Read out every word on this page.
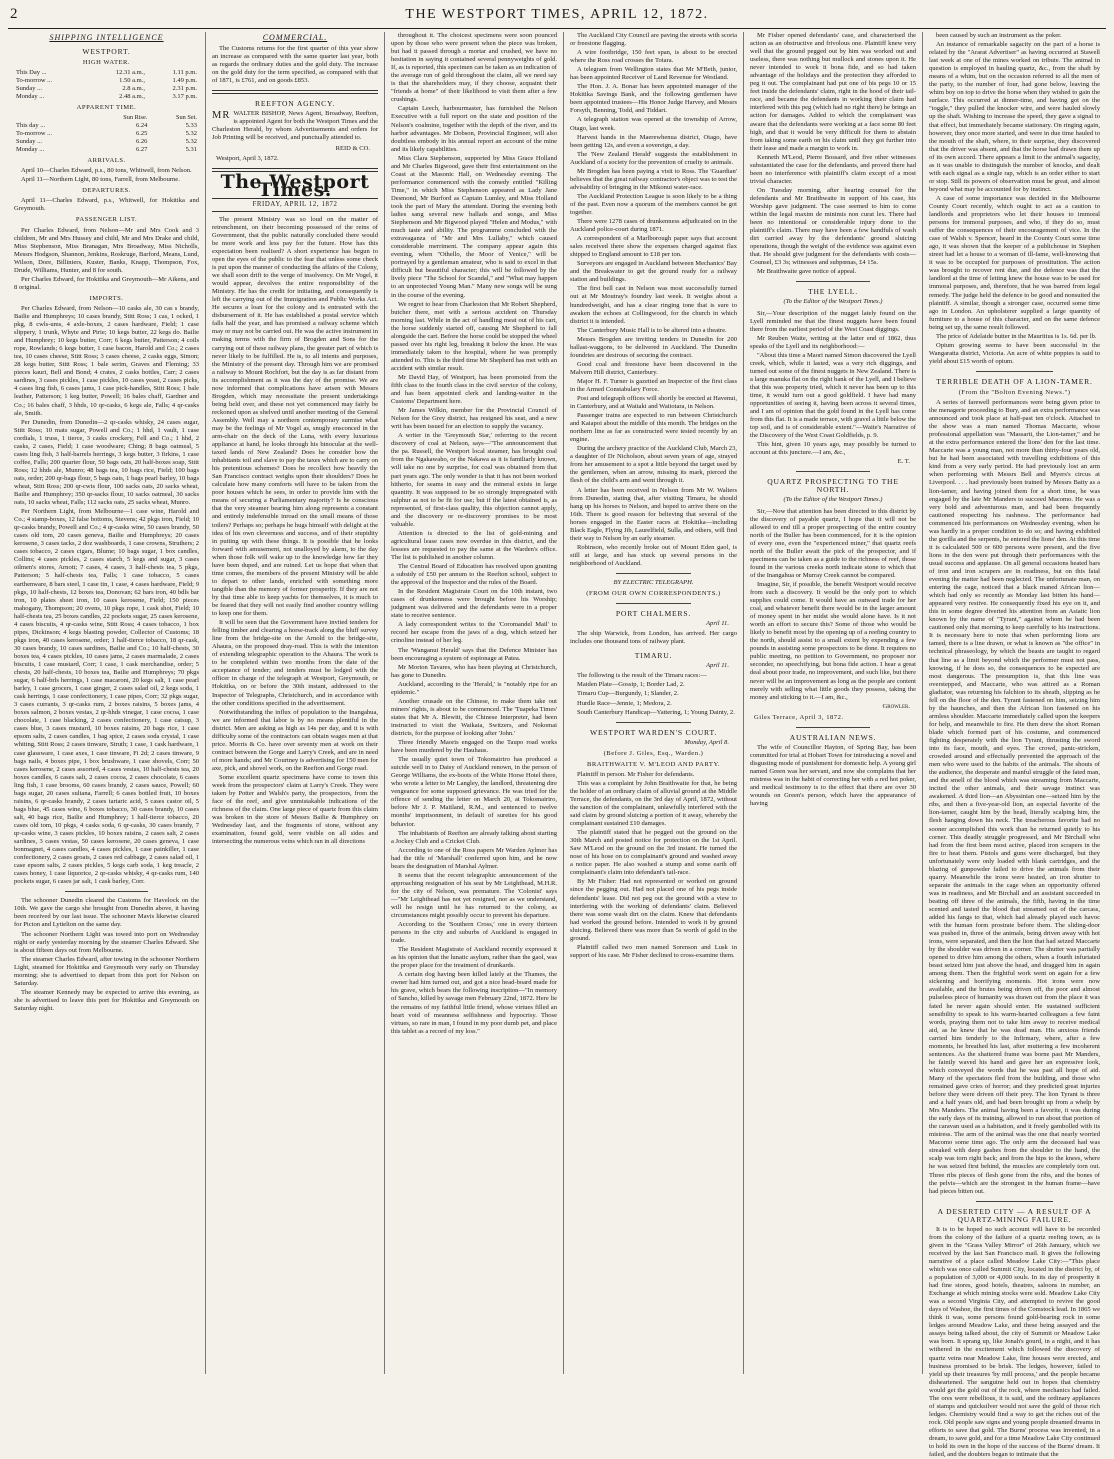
2	THE WESTPORT TIMES, APRIL 12, 1872.
SHIPPING INTELLIGENCE
WESTPORT.
HIGH WATER.
This Day ...	12.31 a.m.,	1.11 p.m.
To-morrow ...	1.50 a.m.,	1.49 p.m.
Sunday ...	2.8 a.m.,	2.31 p.m.
Monday ...	2.48 a.m.,	3.17 p.m.
APPARENT TIME.
	Sun Rise.	Sun Set.
This day ...	6.24	5.33
To-morrow ...	6.25	5.32
Sunday ...	6.26	5.32
Monday ...	6.27	5.31
ARRIVALS.

April 10—Charles Edward, p.s., 80 tons, Whitwell, from Nelson.

April 11—Northern Light, 80 tons, Farrell, from Melbourne.

DEPARTURES.

April 11—Charles Edward, p.s., Whitwell, for Hokitika and Greymouth.

PASSENGER LIST.

Per Charles Edward, from Nelson—Mr and Mrs Cook and 3 children, Mr and Mrs Hussey and child, Mr and Mrs Drake and child, Miss Stephenson, Miss Branagan, Mrs Broadway, Miss Nicholls, Messrs Hodgson, Shannon, Jenkins, Roskruge, Barford, Means, Lund, Wilson, Dore, Billiniers, Kuster, Banks, Knapp, Thompson, Fox, Drude, Williams, Hunter, and 8 for south.

Per Charles Edward, for Hokitika and Greymouth—Mr Aikens, and 8 original.

IMPORTS.

Per Charles Edward, from Nelson—10 casks ale, 30 cas s brandy, Bailie and Humphreys; 10 cases brandy, Stitt Ross; 1 cas, 1 ocked, 1 pkg, 8 cwls-ums, 4 axle-boxes, 2 cases hardware, Field; 1 case slippery, 1 trunk, Whyte and Pirie; 10 kegs butter, 22 kegs do. Bailie and Humphrey; 10 kegs butter, Corr; 6 kegs butter, Patterson; 4 coils rope, Rowlands; 6 kegs butter, 1 case bacon, Harold and Co.; 2 cases tea, 10 cases cheese, Stitt Ross; 3 cases cheese, 2 casks eggs, Simon; 28 kegs butter, Stitt Ross; 1 bale serim, Graves and Fleming; 33 pieces kauri, Bell and Bond; 4 crates, 2 casks bottles, Carr; 2 cases sardines, 3 cases pickles, 1 case pickles, 10 cases yeast, 2 cases picks, 4 cases ling fish, 6 cases jams, 1 case pick-handles, Stitt Ross; 1 bale leather, Patterson; 1 keg butter, Powell; 16 bales chaff, Gardner and Co.; 16 bales chaff, 3 hhds, 10 qr-casks, 6 kegs ale, Falls; 4 qr-casks ale, Smith.

Per Dunedin, from Dunedin—2 qr-casks whisky, 24 cases sugar, Stitt Ross; 10 mats sugar, Powell and Co.; 1 hhd, 1 vault, 1 case cordials, 1 truss, 1 tierce, 3 casks crockery, Fell and Co.; 1 hhd, 2 casks, 2 cases, Field; 1 case woodware; Ching; 8 bags oatmeal, 5 cases ling fish, 3 half-barrels herrings, 3 kegs butter, 3 firkins, 1 case coffee, Falls; 200 quarter flour, 50 bags oats, 20 half-boxes soap, Stitt Ross; 12 hhds ale, Munro; 48 bags tea, 10 bags rice, Field; 100 bags oats, order; 200 qr-bags flour, 5 bags oats, 1 bags pearl barley, 10 bags wheat, Stitt Ross; 200 qr-cwts flour, 100 sacks oats, 20 sacks wheat, Bailie and Humphrey; 350 qr-sacks flour, 10 sacks oatmeal, 30 sacks oats, 10 sacks wheat, Falls; 112 sacks oats, 25 sacks wheat, Munro.

Per Northern Light, from Melbourne—1 case wine, Harold and Co.; 4 stamp-boxes, 12 false bottoms, Stevens; 42 pkgs iron, Field; 10 qr-casks brandy, Powell and Co.; 4 qr-casks wine, 50 cases brandy, 50 cases old tom, 20 cases geneva, Bailie and Humphreys; 20 cases kerosene, 3 cases tacks, 2 doz washboards, 1 case crowns, Struthers; 2 cases tobacco, 2 cases cigars, Blume; 10 bags sugar, 1 box candles, Collins; 4 cases pickles, 2 cases starch, 5 kegs and sugar, 3 cases oilmen's stores, Arnott; 7 cases, 4 cases, 3 half-chests tea, 5 pkgs, Patterson; 5 half-chests tea, Falls; 1 case tobacco, 5 cases earthenware, 8 bars steel, 1 case tin, 1 case, 4 cases hardware, Field; 9 pkgs, 10 half-chests, 12 boxes tea, Donovan; 62 bars iron, 40 bdls bar iron, 10 plates sheet iron, 10 cases kerosene, Field; 150 pieces mahogany, Thompson; 20 ovens, 10 pkgs rope, 1 cask shot, Field; 10 half-chests tea, 25 boxes candles, 22 pockets sugar, 25 cases kerosene, 4 cases biscuits, 4 qr-casks wine, Stitt Ross; 4 cases tobacco, 1 box pipes, Dickinson; 4 kegs blasting powder, Collector of Customs; 18 pkgs iron, 40 cases kerosene, order; 1 half-tierce tobacco, 18 qr-cask, 30 cases brandy, 10 cases sardines, Bailie and Co.; 10 half-chests, 30 boxes tea, 4 cases pickles, 10 cases jams, 2 cases marmalade, 2 cases biscuits, 1 case mustard, Corr; 1 case, 1 cask merchandise, order; 5 chests, 20 half-chests, 10 boxes tea, Bailie and Humphreys; 70 pkgs sugar, 6 half-brls herrings, 1 case macaroni, 20 kegs salt, 1 case pearl barley, 1 case grocers, 1 case ginger, 2 cases salad oil, 2 kegs soda, 1 cask herrings, 1 case confectionery, 1 case pipes, Corr; 32 pkgs sugar, 3 cases currants, 3 qr-casks rum, 2 boxes raisins, 5 boxes jams, 4 boxes salmon, 2 boxes vestas, 2 qr-hhds vinegar, 1 case cocoa, 1 case chocolate, 1 case blacking, 2 cases confectionery, 1 case catsup, 3 cases blue, 3 cases mustard, 10 boxes raisins, 20 bags rice, 1 case epsom salts, 2 cases candles, 1 bag spice, 2 cases soda crystal, 1 case whiting, Stitt Ross; 2 cases tinware, Struth; 1 case, 1 cask hardware, 1 case glassware, 1 case axes, 1 case tinware, Fi 2d; 2 cases tinware, 9 bags nails, 4 boxes pipe, 1 box brushware, 1 case shovels, Corr; 50 cases kerosene, 2 cases assorted, 4 cases vestas, 10 half-chests tea, 20 boxes candles, 6 cases salt, 2 cases cocoa, 2 cases chocolate, 6 cases ling fish, 1 case brooms, 60 cases brandy, 2 cases sauce, Powell; 60 bags sugar, 20 cases sultana, Farrell; 6 cases bottled fruit, 10 boxes raisins, 6 qr-casks brandy, 2 cases tartaric acid, 5 cases castor oil, 5 bags blue, 45 cases wine, 6 boxes tobacco, 30 cases brandy, 10 cases salt, 40 bags rice, Bailie and Humphrey; 1 half-tierce tobacco, 20 cases old tom, 10 pkgs, 4 casks soda, 6 qr-casks, 30 cases brandy, 7 qr-casks wine, 3 cases pickles, 10 boxes raisins, 2 cases salt, 2 cases sardines, 3 cases vestas, 50 cases kerosene, 20 cases geneva, 1 case bonmagnet, 4 cases candles, 4 cases pickles, 1 case painkiller, 1 case confectionery, 2 cases groats, 2 cases red cabbage, 2 cases salad oil, 1 case epsom salts, 2 cases pickles, 5 kegs carb soda, 1 keg treacle, 2 cases honey, 1 case liquorice, 2 qr-casks whisky, 4 qr-casks rum, 140 pockets sugar, 6 cases jar salt, 1 cask barley, Corr.

The schooner Dunedin cleared the Customs for Havelock on the 10th. We gave the cargo she brought from Dunedin above, it having been received by our last issue. The schooner Mavis likewise cleared for Picton and Lyttelton on the same day.

The schooner Northern Light was towed into port on Wednesday night or early yesterday morning by the steamer Charles Edward. She is about fifteen days out from Melbourne.

The steamer Charles Edward, after towing in the schooner Northern Light, steamed for Hokitika and Greymouth very early on Thursday morning; she is advertised to depart from this port for Nelson on Saturday.

The steamer Kennedy may be expected to arrive this evening, as she is advertised to leave this port for Hokitika and Greymouth on Saturday night.

COMMERCIAL.

The Customs returns for the first quarter of this year show an increase as compared with the same quarter last year, both as regards the ordinary duties and the gold duty. The increase on the gold duty for the term specified, as compared with that of 1871, is £761, and on goods £853.

REEFTON AGENCY.
MR WALTER BISHOP, News Agent, Broadway, Reefton, is appointed Agent for both the Westport Times and the Charleston Herald, by whom Advertisements and orders for Job Printing will be received, and punctually attended to.
REID & CO.
Westport, April 3, 1872.
The Westport Times.
FRIDAY, APRIL 12, 1872

The present Ministry was so loud on the matter of retrenchment, on their becoming possessed of the reins of Government, that the public naturally concluded there would be more work and less pay for the future. How has this expectation been realised? A short experience has begun to open the eyes of the public to the fear that unless some check is put upon the manner of conducting the affairs of the Colony, we shall soon drift to the verge of insolvency. On Mr Vogel, it would appear, devolves the entire responsibility of the Ministry. He has the credit for initiating, and consequently is left the carrying out of the Immigration and Public Works Act. He secures a loan for the colony and is entrusted with the disbursement of it. He has established a postal service which falls half the year, and has promised a railway scheme which may or may not be carried out. He was the active instrument in making terms with the firm of Brogden and Sons for the carrying out of these railway plans, the greater part of which is never likely to be fulfilled. He is, to all intents and purposes, the Ministry of the present day. Through him we are promised a railway to Mount Rochfort, but the day is as far distant from its accomplishment as it was the day of the promise. We are now informed that complications have arisen with Messrs Brogden, which may necessitate the present undertakings being held over, and these not yet commenced may fairly be reckoned upon as shelved until another meeting of the General Assembly. Well may a northern contemporary surmise what may be the feelings of Mr Vogel as, snugly ensconced in the arm-chair on the deck of the Luna, with every luxurious appliance at hand, he looks through his binocular at the well-taxed lands of New Zealand? Does he consider how the inhabitants toil and slave to pay the taxes which are to carry on his pretentious schemes? Does he recollect how heavily the San Francisco contract weighs upon their shoulders? Does he calculate how many comforts will have to be taken from the poor houses which he sees, in order to provide him with the means of securing a Parliamentary majority? Is he conscious that the very steamer bearing him along represents a constant and entirely indefensible inroad on the small means of those toilers? Perhaps so; perhaps he hugs himself with delight at the idea of his own cleverness and success, and of their stupidity in putting up with these things. It is possible that he looks forward with amusement, not unalloyed by alarm, to the day when those folk will wake up to the knowledge how far they have been duped, and are ruined. Let us hope that when that time comes, the members of the present Ministry will be able to depart to other lands, enriched with something more tangible than the memory of former prosperity. If they are not by that time able to keep yachts for themselves, it is much to be feared that they will not easily find another country willing to keep one for them.

It will be seen that the Government have invited tenders for felling timber and clearing a horse-track along the bluff survey line from the bridge-site on the Arnold to the bridge-site, Ahaura, on the proposed dray-road. This is with the intention of extending telegraphic operation to the Ahaura. The work is to be completed within two months from the date of the acceptance of tender; and tenders must be lodged with the officer in charge of the telegraph at Westport, Greymouth, or Hokitika, on or before the 30th instant, addressed to the Inspector of Telegraphs, Christchurch, and in accordance with the other conditions specified in the advertisement.

Notwithstanding the influx of population to the Inangahua, we are informed that labor is by no means plentiful in the district. Men are asking as high as 14s per day, and it is with difficulty some of the contractors can obtain wages men at that price. Morris & Co. have over seventy men at work on their contract between the Gorge and Larry's Creek, and are in need of more hands; and Mr Courtney is advertising for 150 men for axe, pick, and shovel work, on the Reefton and Gorge road.

Some excellent quartz specimens have come to town this week from the prospectors' claim at Larry's Creek. They were taken by Potter and Walsh's party, the prospectors, from the face of the reef, and give unmistakable indications of the richness of the claim. One large piece of quartz from this claim was broken in the store of Messrs Bailie & Humphrey on Wednesday last, and the fragments of stone, without any examination, found gold, were visible on all sides and intersecting the numerous veins which ran in all directions

throughout it. The choicest specimens were soon pounced upon by those who were present when the piece was broken, but had it passed through a mortar and crushed, we have no hesitation in saying it contained several pennyweights of gold. If, as is reported, this specimen can be taken as an indication of the average run of gold throughout the claim, all we need say is that the shareholders may, if they choose, acquaint their "friends at home" of their likelihood to visit them after a few crushings.

Captain Leech, harbourmaster, has furnished the Nelson Executive with a full report on the state and position of the Nelson's coalmine, together with the depth of the river, and its harbor advantages. Mr Dobson, Provincial Engineer, will also doubtless embody in his annual report an account of the mine and its likely capabilities.

Miss Clara Stephenson, supported by Miss Grace Holland and Mr Charles Bigwood, gave their first entertainment on the Coast at the Masonic Hall, on Wednesday evening. The performance commenced with the comedy entitled "Killing Time," in which Miss Stephenson appeared as Lady Jane Desmond, Mr Burford as Captain Lumley, and Miss Holland took the part of Mary the attendant. During the evening both ladies sang several new ballads and songs, and Miss Stephenson and Mr Bigwood played "Helen and Modus," with much taste and ability. The programme concluded with the extravaganza of "Mr and Mrs Lullaby," which caused considerable merriment. The company appear again this evening, when "Othello, the Moor of Venice," will be portrayed by a gentleman amateur, who is said to excel in that difficult but beautiful character; this will be followed by the lively piece "The School for Scandal," and "What may happen to an unprotected Young Man." Many new songs will be sung in the course of the evening.

We regret to hear from Charleston that Mr Robert Shepherd, butcher there, met with a serious accident on Thursday morning last. While in the act of handling meat out of his cart, the horse suddenly started off, causing Mr Shepherd to fall alongside the cart. Before the horse could be stopped the wheel passed over his right leg, breaking it below the knee. He was immediately taken to the hospital, where he was promptly attended to. This is the third time Mr Shepherd has met with an accident with similar result.

Mr David Hay, of Westport, has been promoted from the fifth class to the fourth class in the civil service of the colony, and has been appointed clerk and landing-waiter in the Customs' Department here.

Mr James Wilkin, member for the Provincial Council of Nelson for the Grey district, has resigned his seat, and a new writ has been issued for an election to supply the vacancy.

A writer in the 'Greymouth Star,' referring to the recent discovery of coal at Nelson, says—"The announcement that the pa. Russell, the Westport local steamer, has brought coal from the Ngakawaho, or the Nakawa as it is familiarly known, will take no one by surprise, for coal was obtained from that part years ago. The only wonder is that it has not been worked hitherto, for seams in easy and the mineral exists in large quantity. It was supposed to be so strongly impregnated with sulphur as not to be fit for use; but if the latest obtained is, as represented, of first-class quality, this objection cannot apply, and the discovery or re-discovery promises to be most valuable.

Attention is directed to the list of gold-mining and agricultural lease cases now overdue in this district, and the lessees are requested to pay the same at the Warden's office. The list is published in another column.

The Central Board of Education has resolved upon granting a subsidy of £50 per annum to the Reefton school, subject to the approval of the Inspector and the rules of the Board.

In the Resident Magistrate Court on the 10th instant, two cases of drunkenness were brought before his Worship; judgment was delivered and the defendants were in a proper state to receive sentence.

A lady correspondent writes to the 'Coromandel Mail' to record her escape from the jaws of a dog, which seized her crinoline instead of her leg.

The 'Wanganui Herald' says that the Defence Minister has been encouraging a system of espionage at Patea.

Mr Morton Tavares, who has been playing at Christchurch, has gone to Dunedin.

Auckland, according to the 'Herald,' is "notably ripe for an epidemic."

Another crusade on the Chinese, to make them take out miners' rights, is about to be commenced. The 'Tuapeka Times' states that Mr A. Blewitt, the Chinese Interpreter, had been instructed to visit the Waikaia, Switzers, and Nokomai districts, for the purpose of looking after 'John.'

Three friendly Maoris engaged on the Taupo road works have been murdered by the Hauhaus.

The usually quiet town of Tokomairiro has produced a suicide well in to Daisy of Auckland renown, in the person of George Williams, the ex-boots of the White Horse Hotel there, who wrote a letter to Mr Langley, the landlord, threatening dire vengeance for some supposed grievance. He was tried for the offence of sending the letter on March 20, at Tokomairiro, before Mr J. P. Maitland, R.M., and sentenced to twelve months' imprisonment, in default of sureties for his good behavior.

The inhabitants of Reefton are already talking about starting a Jockey Club and a Cricket Club.

According to one of the Ross papers Mr Warden Aylmer has had the title of 'Marshall' conferred upon him, and he now bears the designation of Marshal Aylmer.

It seems that the recent telegraphic announcement of the approaching resignation of his seat by Mr Leighthead, M.H.R. for the city of Nelson, was premature. The 'Colonist' says—"Mr Leighthead has not yet resigned, nor as we understand, will he resign until he has returned to the colony, as circumstances might possibly occur to prevent his departure.

According to the 'Southern Cross,' one in every thirteen persons in the city and suburbs of Auckland is engaged in trade.

The Resident Magistrate of Auckland recently expressed it as his opinion that the lunatic asylum, rather than the gaol, was the proper place for the treatment of drunkards.

A certain dog having been killed lately at the Thames, the owner had him turned out, and got a nice head-board made for his grave, which bears the following inscription—"In memory of Sancho, killed by savage men February 22nd, 1872. Here lie the remains of my faithful little friend, whose virtues filled an heart void of meanness selfishness and hypocrisy. Those virtues, so rare in man, I found in my poor dumb pet, and place this tablet as a record of my loss."

The Auckland City Council are paving the streets with scoria or freestone flagging.

A wire footbridge, 150 feet span, is about to be erected where the Ross road crosses the Totara.

A telegram from Wellington states that Mr M'Beth, junior, has been appointed Receiver of Land Revenue for Westland.

The Hon. J. A. Bonar has been appointed manager of the Hokitika Savings Bank, and the following gentlemen have been appointed trustees—His Honor Judge Harvey, and Messrs Forsyth, Benning, Todd, and Tiddart.

A telegraph station was opened at the township of Arrow, Otago, last week.

Harvest hands in the Maerewhenua district, Otago, have been getting 12s, and even a sovereign, a day.

The 'New Zealand Herald' suggests the establishment in Auckland of a society for the prevention of cruelty to animals.

Mr Brogden has been paying a visit to Ross. The 'Guardian' believes that the great railway contractor's object was to test the advisability of bringing in the Mikonui water-race.

The Auckland Protection League is soon likely to be a thing of the past. Even now a quorum of the members cannot be got together.

There were 1278 cases of drunkenness adjudicated on in the Auckland police-court during 1871.

A correspondent of a Marlborough paper says that account sales received there show the expenses charged against flax shipped to England amount to £18 per ton.

Surveyors are engaged in Auckland between Mechanics' Bay and the Breakwater to get the ground ready for a railway station and buildings.

The first bell cast in Nelson was most successfully turned out at Mr Moutray's foundry last week. It weighs about a hundredweight, and has a clear ringing tone that is sure to awaken the echoes at Collingwood, for the church in which district it is intended.

The Canterbury Music Hall is to be altered into a theatre.

Messrs Brogden are inviting tenders in Dunedin for 200 ballast-waggons, to be delivered in Auckland. The Dunedin foundries are desirous of securing the contract.

Good coal and freestone have been discovered in the Malvern Hill district, Canterbury.

Major H. F. Turner is gazetted an Inspector of the first class in the Armed Constabulary Force.

Post and telegraph offices will shortly be erected at Havenui, in Canterbury, and at Waitaki and Waitotara, in Nelson.

Passenger trains are expected to run between Christchurch and Kaiapoi about the middle of this month. The bridges on the northern line as far as constructed were tested recently by an engine.

During the archery practice of the Auckland Club, March 23, a daughter of Dr Nicholson, about seven years of age, strayed from her amusement to a spot a little beyond the target used by the gentlemen, when an arrow, missing its mark, pierced the flesh of the child's arm and went through it.

A letter has been received in Nelson from Mr W. Walters from Dunedin, stating that, after visiting Timaru, he should hang up his horses to Nelson, and hoped to arrive there on the 16th. There is good reason for believing that several of the horses engaged in the Easter races at Hokitika—including Black Eagle, Flying Jib, Laurelfield, Sulla, and others, will find their way to Nelson by an early steamer.

Robinson, who recently broke out of Mount Eden gaol, is still at large, and has stuck up several persons in the neighborhood of Auckland.

BY ELECTRIC TELEGRAPH.
(FROM OUR OWN CORRESPONDENTS.)
PORT CHALMERS.
April 11.

The ship Warwick, from London, has arrived. Her cargo includes one thousand tons of railway plant.

TIMARU.
April 11.

The following is the result of the Timaru races:—

Maiden Plate—Gossip, 1; Border Lad, 2.

Timaru Cup—Burgundy, 1; Slander, 2.

Hurdle Race—Jennie, 1; Medora, 2.

South Canterbury Handicap—Yattering, 1; Young Dainty, 2.

WESTPORT WARDEN'S COURT.
Monday, April 8.
(Before J. Giles, Esq., Warden.)
BRAITHWAITE V. M'LEOD AND PARTY.

Plaintiff in person. Mr Fisher for defendants.

This was a complaint by John Braithwaite for that, he being the holder of an ordinary claim of alluvial ground at the Middle Terrace, the defendants, on the 3rd day of April, 1872, without the sanction of the complainant, unlawfully interfered with the said claim by ground sluicing a portion of it away, whereby the complainant sustained £10 damages.

The plaintiff stated that he pegged out the ground on the 30th March and posted notice for protection on the 1st April. Saw M'Leod on the ground on the 3rd instant. He turned the nose of his hose on to complainant's ground and washed away a notice paper. He also washed a stump and some earth off complainant's claim into defendant's tail-race.

By Mr Fisher: Had not represented or worked on ground since the pegging out. Had not placed one of his pegs inside defendants' lease. Did not peg out the ground with a view to interfering with the working of defendants' claim. Believed there was some wash dirt on the claim. Knew that defendants had worked the ground before. Intended to work it by ground sluicing. Believed there was more than 5s worth of gold in the ground.

Plaintiff called two men named Sorenson and Lusk in support of his case. Mr Fisher declined to cross-examine them.

Mr Fisher opened defendants' case, and characterised the action as an obstructive and frivolous one. Plaintiff knew very well that the ground pegged out by him was worked out and useless, there was nothing but mullock and stones upon it. He never intended to work it bona fide, and so had taken advantage of the holidays and the protection they afforded to peg it out. The complainant had put one of his pegs 10 or 15 feet inside the defendants' claim, right in the hood of their tail-race, and became the defendants in working their claim had interfered with this peg (which had no right there) he brings an action for damages. Added to which the complainant was aware that the defendants were working at a face some 80 feet high, and that it would be very difficult for them to abstain from taking some earth on his claim until they got further into their lease and made a margin to work in.

Kenneth M'Leod, Pierre Bossard, and five other witnesses substantiated the case for the defendants, and proved there had been no interference with plaintiff's claim except of a most trivial character.

On Tuesday morning, after hearing counsel for the defendants and Mr Braithwaite in support of his case, his Worship gave judgment. The case seemed to him to come within the legal maxim de minimis non curat lex. There had been no intentional or considerable injury done to the plaintiff's claim. There may have been a few handfuls of wash dirt carried away by the defendants' ground sluicing operations, though the weight of the evidence was against even that. He should give judgment for the defendants with costs—Counsel, £3 3s; witnesses and subpœnas, £4 15s.

Mr Braithwaite gave notice of appeal.

THE LYELL.
(To the Editor of the Westport Times.)

Sir,—Your description of the nugget lately found on the Lyell reminded me that the finest nuggets have been found there from the earliest period of the West Coast diggings.

Mr Reuben Waite, writing at the latter end of 1862, thus speaks of the Lyell and its neighborhood:—

"About this time a Maori named Simon discovered the Lyell creek, which, while it lasted, was a very rich diggings, and turned out some of the finest nuggets in New Zealand. There is a large manuka flat on the right bank of the Lyell, and I believe that this was property tried, which it never has been up to this time, it would turn out a good goldfield. I have had many opportunities of seeing it, having been across it several times, and I am of opinion that the gold found in the Lyell has come from this flat. It is a made terrace, with gravel a little below the top soil, and is of considerable extent."—Waite's Narrative of the Discovery of the West Coast Goldfields, p. 9.

This hint, given 10 years ago, may possibly be turned to account at this juncture.—I am, &c.,

E. T.
QUARTZ PROSPECTING TO THE NORTH.
(To the Editor of the Westport Times.)

Sir,—Now that attention has been directed to this district by the discovery of payable quartz, I hope that it will not be allowed to end till a proper prospecting of the entire country north of the Buller has been commenced, for it is the opinion of every one, even the "experienced miner," that quartz reefs north of the Buller await the pick of the prospector, and if specimens can be taken as a guide to the richness of reef, those found in the various creeks north indicate stone to which that of the Inangahua or Murray Creek cannot be compared.

Imagine, Sir, if possible, the benefit Westport would receive from such a discovery. It would be the only port to which supplies could come. It would have an outward trade for her coal, and whatever benefit there would be in the larger amount of money spent in her midst she would alone have. Is it not worth an effort to secure this? Some of those who would be likely to benefit most by the opening up of a reefing country to the north, should assist to a small extent by expending a few pounds in assisting some prospectors to be done. It requires no public meeting, no petition to Government, no proposer nor seconder, no speechifying, but bona fide action. I hear a great deal about poor trade, no improvement, and such like, but there never will be an improvement as long as the people are content merely with selling what little goods they possess, taking the money and sticking to it.—I am, &c.,

Growler.
Giles Terrace, April 3, 1872.
AUSTRALIAN NEWS.

The wife of Councillor Hayton, of Spring Bay, has been committed for trial at Hobart Town for introducing a novel and disgusting mode of punishment for domestic help. A young girl named Green was her servant, and now she complains that her mistress was in the habit of correcting her with a red hot poker, and medical testimony is to the effect that there are over 30 wounds on Green's person, which have the appearance of having

been caused by such an instrument as the poker.

An instance of remarkable sagacity on the part of a horse is related by the "Ararat Advertiser" as having occurred at Stawell last week at one of the mines worked on tribute. The animal in question is employed in hauling quartz, &c., from the shaft by means of a whim, but on the occasion referred to all the men of the party, to the number of four, had gone below, leaving the whim boy on top to drive the horse when they wished to gain the surface. This occurred at dinner-time, and having got on the "toggle," they pulled the knocker wire, and were hauled slowly up the shaft. Wishing to increase the speed, they gave a signal to that effect, but immediately became stationary. On ringing again, however, they once more started, and were in due time hauled to the mouth of the shaft, where, to their surprise, they discovered that the driver was absent, and that the horse had drawn them up of its own accord. There appears a limit to the animal's sagacity, as it was unable to distinguish the number of knocks, and dealt with each signal as a single rap, which is an order either to start or stop. Still its powers of observation must be great, and almost beyond what may be accounted for by instinct.

A case of some importance was decided in the Melbourne County Court recently, which ought to act as a caution to landlords and proprietors who let their houses to immoral persons for immoral purposes, and who, if they do so, must suffer the consequences of their encouragement of vice. In the case of Walsh v. Spencer, heard in the County Court some time ago, it was shown that the keeper of a publichouse in Stephen street had let a house to a woman of ill-fame, well-knowing that it was to be occupied for purposes of prostitution. The action was brought to recover rent due, and the defence was that the landlord at the time of letting knew the house was to be used for immoral purposes, and, therefore, that he was barred from legal remedy. The judge held the defence to be good and nonsuited the plaintiff. A similar, though a stronger case, occurred some time ago in London. An upholsterer supplied a large quantity of furniture to a house of this character, and on the same defence being set up, the same result followed.

The price of Adelaide butter in the Mauritius is 1s. 6d. per lb.

Opium growing seems to have been successful in the Wangaratta district, Victoria. An acre of white poppies is said to yield about £15 worth of opium.

TERRIBLE DEATH OF A LION-TAMER.
(From the "Bolton Evening News.")

A series of farewell performances were being given prior to the menagerie proceeding to Bury, and an extra performance was announced and took place at half-past ten o'clock. Attached to the show was a man named Thomas Maccarte, whose professional appellation was "Massarti, the Lion-tamer," and he at the extra performance entered the lions' den for the last time. Maccarte was a young man, not more than thirty-four years old, but he had been associated with travelling exhibitions of this kind from a very early period. He had previously lost an arm when performing with Messrs Bell and Myers's circus at Liverpool. . . . had previously been trained by Messrs Batty as a lion-tamer, and having joined them for a short time, he was engaged by the late Mr Manders to succeed Macomo. He was a very bold and adventurous man, and had been frequently cautioned respecting his rashness. The performance had commenced his performances on Wednesday evening, when he was hardly in a proper condition to do so; and having exhibited the gorilla and the serpents, he entered the lions' den. At this time it is calculated 500 or 600 persons were present, and the five lions in the den were put through their performances with the usual success and applause. On all general occasions heated bars of iron and iron scrapers are in readiness, but on this fatal evening the matter had been neglected. The unfortunate man, on entering the cage, noticed that a black maned African lion—which had only so recently as Monday last bitten his hand—appeared very restive. He consequently fixed his eye on it, and this in some degree diverted his attention from an Asiatic lion known by the name of "Tyrant," against whom he had been cautioned only that morning to keep carefully to his instructions. It is necessary here to note that when performing lions are tamed, there is a line drawn, or what is known as "the office" in technical phraseology, by which the beasts are taught to regard that line as a limit beyond which the performer must not pass, knowing, if he does so, the consequences to be expected are most dangerous. The presumption is, that this line was overstepped, and Maccarte, who was attired as a Roman gladiator, was returning his falchion to its sheath, slipping as he fell on the floor of the den. Tyrant fastened on him, seizing him by the haunches, and then the African lion fastened on his armless shoulder. Maccarte immediately called upon the keepers for help, and meanwhile to fire. He then drew the short Roman blade which formed part of his costume, and commenced fighting desperately with the lion Tyrant, thrusting the sword into its face, mouth, and eyes. The crowd, panic-stricken, crowded around and effectually prevented the approach of the men who were used to the habits of the animals. The shouts of the audience, the desperate and manful struggle of the fated man, and the smell of the blood which was streaming from Maccarte, incited the other animals, and their savage instinct was awakened. A third lion—an Abyssinian one—seized him by the ribs, and then a five-year-old lion, an especial favorite of the lion-tamer, caught him by the head, literally scalping him, the flesh hanging down his neck. The treacherous favorite had no sooner accomplished this work than he returned quietly to his corner. This deadly struggle progressed, and Mr Birchall who had from the first been most active, placed iron scrapers in the fire to heat them. Pistols and guns were discharged, but they unfortunately were only loaded with blank cartridges, and the blazing of gunpowder failed to drive the animals from their quarry. Meanwhile the irons were heated, an iron shutter to separate the animals in the cage when an opportunity offered was in readiness, and Mr Birchall and an assistant succeeded in beating off three of the animals, the fifth, having in the time scented and tasted the blood that streamed out of the carcass, added his fangs to that, which had already played such havoc with the human form prostrate before them. The sliding-door was pushed in, three of the animals, being driven away with hot irons, were separated, and then the lion that had seized Maccarte by the shoulder was driven in a corner. The shutter was partially opened to drive him among the others, when a fourth infuriated beast seized him just above the head, and dragged him in again among them. Then the frightful work went on again for a few sickening and horrifying moments. Hot irons were now available, and the brutes being driven off, the poor and almost pulseless piece of humanity was drawn out from the place it was fated he never again should enter. He sustained sufficient sensibility to speak to his warm-hearted colleagues a few faint words, praying them not to take him away to receive medical aid, as he knew that he was dead man. His anxious friends carried him tenderly to the Infirmary, where, after a few moments, he breathed his last, after muttering a few incoherent sentences. As the shattered frame was borne past Mr Manders, he faintly waved his hand and gave her an expressive look, which conveyed the words that he was past all hope of aid. Many of the spectators fled from the building, and those who remained gave cries of horror; and they predicted great injuries before they were driven off their prey. The lion Tyrant is three and a half years old, and had been brought up from a whelp by Mrs Manders. The animal having been a favorite, it was during the early days of its training, allowed to run about that portion of the caravan used as a habitation, and it freely gambolled with its mistress. The arm of the animal was the one that nearly worried Macomo some time ago. The only arm the deceased had was streaked with deep gashes from the shoulder to the hand, the scalp was torn right back; and from the hips to the knees, where he was seized first behind, the muscles are completely torn out. Three ribs pieces of flesh gone from the ribs, and the bones of the pelvis—which are the strongest in the human frame—have had pieces bitten out.

A DESERTED CITY — A RESULT OF A QUARTZ-MINING FAILURE.

It is to be hoped no such account will have to be recorded from the colony of the failure of a quartz reefing town, as is given in the "Grass Valley Mirror" of 26th January, which we received by the last San Francisco mail. It gives the following narrative of a place called Meadow Lake City:—"This place which was once called Summit City, located in the district by, of a population of 3,000 or 4,000 souls. In its day of prosperity it had fine stores, good hotels, theatres, saloons in number, an Exchange at which mining stocks were sold. Meadow Lake City was a second Virginia City, and attempted to revive the good days of Washoe, the first times of the Comstock lead. In 1865 we think it was, some persons found gold-bearing rock in some ledges around Meadow Lake, and these being assayed and the assays being talked about, the city of Summit or Meadow Lake was born. It sprang up, like Jonah's gourd, in a night, and it has withered in the excitement which followed the discovery of quartz veins near Meadow Lake, fine houses were erected, and business promised to be brisk. The ledges, however, failed to yield up their treasures 'by mill process,' and the people became disheartened. The sanguine held out in hopes that chemistry would get the gold out of the rock, where mechanics had failed. The ores were rebellious, it is said, and the ordinary appliances of stamps and quicksilver would not save the gold of those rich ledges. Chemistry would find a way to get the riches out of the rock. Old people saw signs and young people dreamed dreams in efforts to save that gold. The Burns' process was invented, in a dream, to save gold, and for a time Meadow Lake City continued to hold its own in the hope of the success of the Burns' dream. It failed, and the doubters began to intimate that the
